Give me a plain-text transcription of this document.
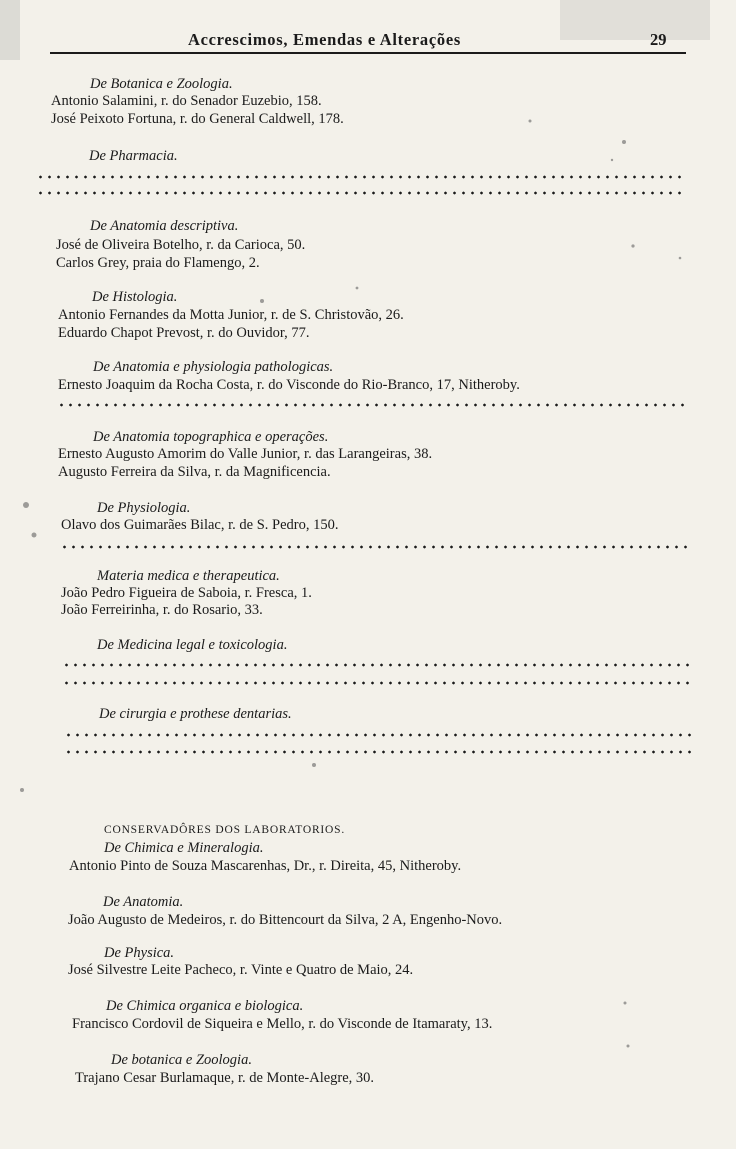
Accrescimos, Emendas e Alterações	29
De Botanica e Zoologia.
Antonio Salamini, r. do Senador Euzebio, 158.
José Peixoto Fortuna, r. do General Caldwell, 178.
De Pharmacia.
De Anatomia descriptiva.
José de Oliveira Botelho, r. da Carioca, 50.
Carlos Grey, praia do Flamengo, 2.
De Histologia.
Antonio Fernandes da Motta Junior, r. de S. Christovão, 26.
Eduardo Chapot Prevost, r. do Ouvidor, 77.
De Anatomia e physiologia pathologicas.
Ernesto Joaquim da Rocha Costa, r. do Visconde do Rio-Branco, 17, Nitheroby.
De Anatomia topographica e operações.
Ernesto Augusto Amorim do Valle Junior, r. das Larangeiras, 38.
Augusto Ferreira da Silva, r. da Magnificencia.
De Physiologia.
Olavo dos Guimarães Bilac, r. de S. Pedro, 150.
Materia medica e therapeutica.
João Pedro Figueira de Saboia, r. Fresca, 1.
João Ferreirinha, r. do Rosario, 33.
De Medicina legal e toxicologia.
De cirurgia e prothese dentarias.
CONSERVADÔRES DOS LABORATORIOS.
De Chimica e Mineralogia.
Antonio Pinto de Souza Mascarenhas, Dr., r. Direita, 45, Nitheroby.
De Anatomia.
João Augusto de Medeiros, r. do Bittencourt da Silva, 2 A, Engenho-Novo.
De Physica.
José Silvestre Leite Pacheco, r. Vinte e Quatro de Maio, 24.
De Chimica organica e biologica.
Francisco Cordovil de Siqueira e Mello, r. do Visconde de Itamaraty, 13.
De botanica e Zoologia.
Trajano Cesar Burlamaque, r. de Monte-Alegre, 30.
